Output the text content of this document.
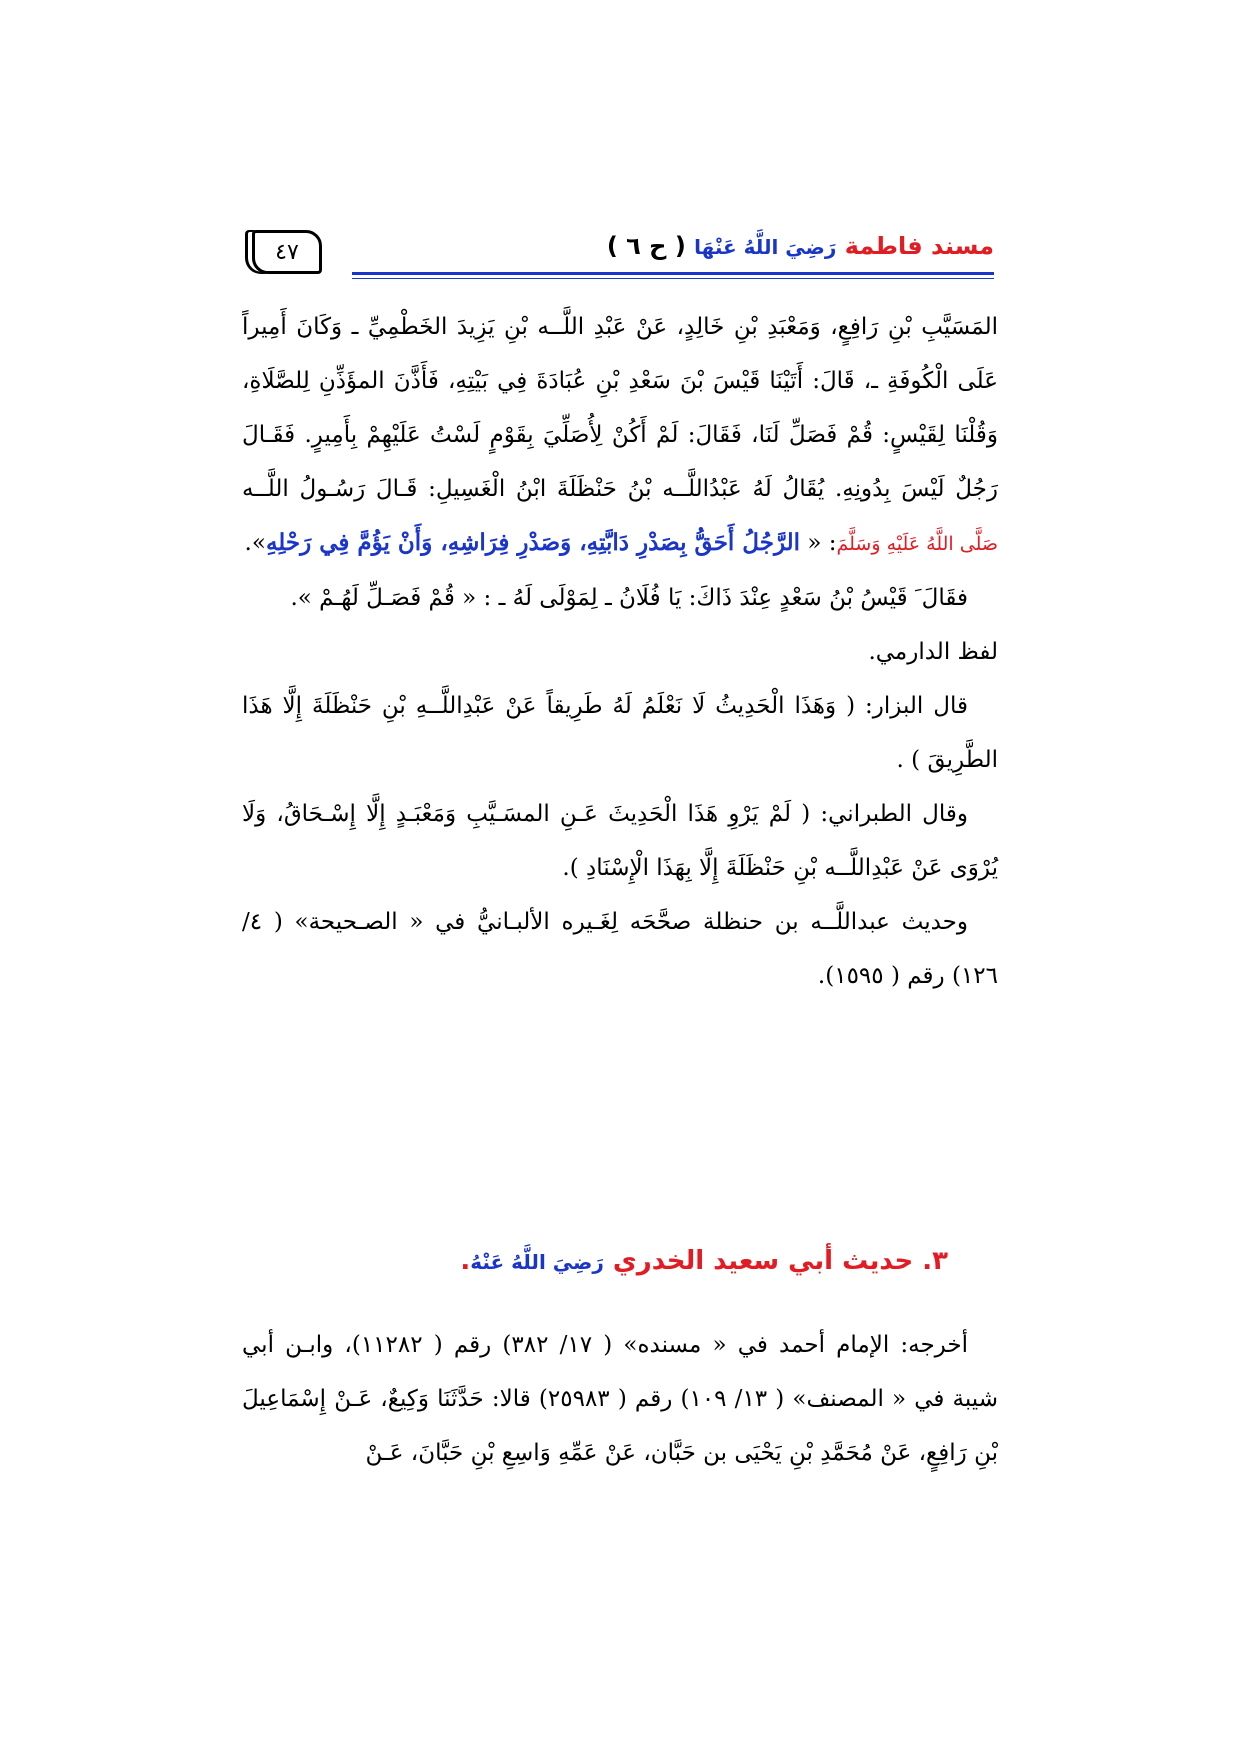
٤٧	مسند فاطمة رَضِيَ اللَّهُ عَنْهَا ( ح ٦ )

المَسَيَّبِ بْنِ رَافِعٍ، وَمَعْبَدِ بْنِ خَالِدٍ، عَنْ عَبْدِ اللَّــه بْنِ يَزِيدَ الخَطْمِيِّ ـ وَكَانَ أَمِيراً عَلَى الْكُوفَةِ ـ، قَالَ: أَتَيْنَا قَيْسَ بْنَ سَعْدِ بْنِ عُبَادَةَ فِي بَيْتِهِ، فَأَذَّنَ المؤَذِّنِ لِلصَّلَاةِ، وَقُلْنَا لِقَيْسٍ: قُمْ فَصَلِّ لَنَا، فَقَالَ: لَمْ أَكُنْ لِأُصَلِّيَ بِقَوْمٍ لَسْتُ عَلَيْهِمْ بِأَمِيرٍ. فَقَـالَ رَجُلٌ لَيْسَ بِدُونِهِ. يُقَالُ لَهُ عَبْدُاللَّــه بْنُ حَنْظَلَةَ ابْنُ الْغَسِيلِ: قَـالَ رَسُـولُ اللَّــه صَلَّى اللَّهُ عَلَيْهِ وَسَلَّمَ: « الرَّجُلُ أَحَقُّ بِصَدْرِ دَابَّتِهِ، وَصَدْرِ فِرَاشِهِ، وَأَنْ يَؤُمَّ فِي رَحْلِهِ».

فقَالَ َ قَيْسُ بْنُ سَعْدٍ عِنْدَ ذَاكَ: يَا فُلَانُ ـ لِمَوْلَى لَهُ ـ : « قُمْ فَصَـلِّ لَهُـمْ ».

لفظ الدارمي.

قال البزار: ( وَهَذَا الْحَدِيثُ لَا نَعْلَمُ لَهُ طَرِيقاً عَنْ عَبْدِاللَّــهِ بْنِ حَنْظَلَةَ إِلَّا هَذَا الطَّرِيقَ ) .

وقال الطبراني: ( لَمْ يَرْوِ هَذَا الْحَدِيثَ عَـنِ المسَـيَّبِ وَمَعْبَـدٍ إِلَّا إِسْـحَاقُ، وَلَا يُرْوَى عَنْ عَبْدِاللَّــه بْنِ حَنْظَلَةَ إِلَّا بِهَذَا الْإِسْنَادِ ).

وحديث عبداللَّــه بن حنظلة صحَّحَه لِغَـيره الألبـانيُّ في « الصـحيحة» ( ٤/ ١٢٦) رقم ( ١٥٩٥).

٣. حديث أبي سعيد الخدري رَضِيَ اللَّهُ عَنْهُ.

أخرجه: الإمام أحمد في « مسنده» ( ١٧/ ٣٨٢) رقم ( ١١٢٨٢)، وابـن أبي شيبة في « المصنف» ( ١٣/ ١٠٩) رقم ( ٢٥٩٨٣) قالا: حَدَّثَنَا وَكِيعٌ، عَـنْ إِسْمَاعِيلَ بْنِ رَافِعٍ، عَنْ مُحَمَّدِ بْنِ يَحْيَى بن حَبَّان، عَنْ عَمِّهِ وَاسِعِ بْنِ حَبَّانَ، عَـنْ
